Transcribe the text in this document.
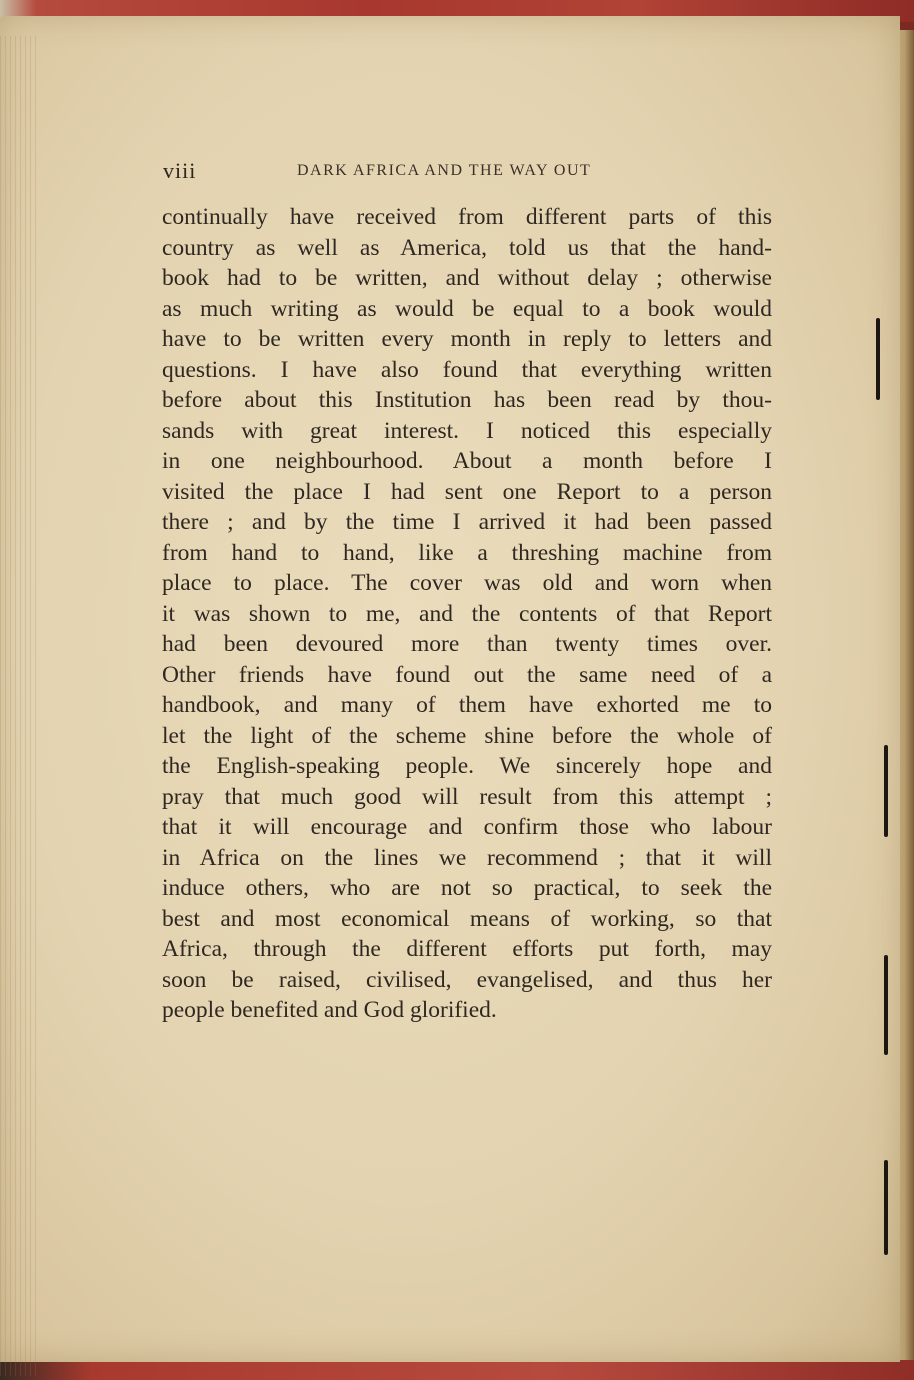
viii	DARK AFRICA AND THE WAY OUT
continually have received from different parts of this
country as well as America, told us that the hand-
book had to be written, and without delay ; otherwise
as much writing as would be equal to a book would
have to be written every month in reply to letters and
questions. I have also found that everything written
before about this Institution has been read by thou-
sands with great interest. I noticed this especially
in one neighbourhood. About a month before I
visited the place I had sent one Report to a person
there ; and by the time I arrived it had been passed
from hand to hand, like a threshing machine from
place to place. The cover was old and worn when
it was shown to me, and the contents of that Report
had been devoured more than twenty times over.
Other friends have found out the same need of a
handbook, and many of them have exhorted me to
let the light of the scheme shine before the whole of
the English-speaking people. We sincerely hope and
pray that much good will result from this attempt ;
that it will encourage and confirm those who labour
in Africa on the lines we recommend ; that it will
induce others, who are not so practical, to seek the
best and most economical means of working, so that
Africa, through the different efforts put forth, may
soon be raised, civilised, evangelised, and thus her
people benefited and God glorified.
